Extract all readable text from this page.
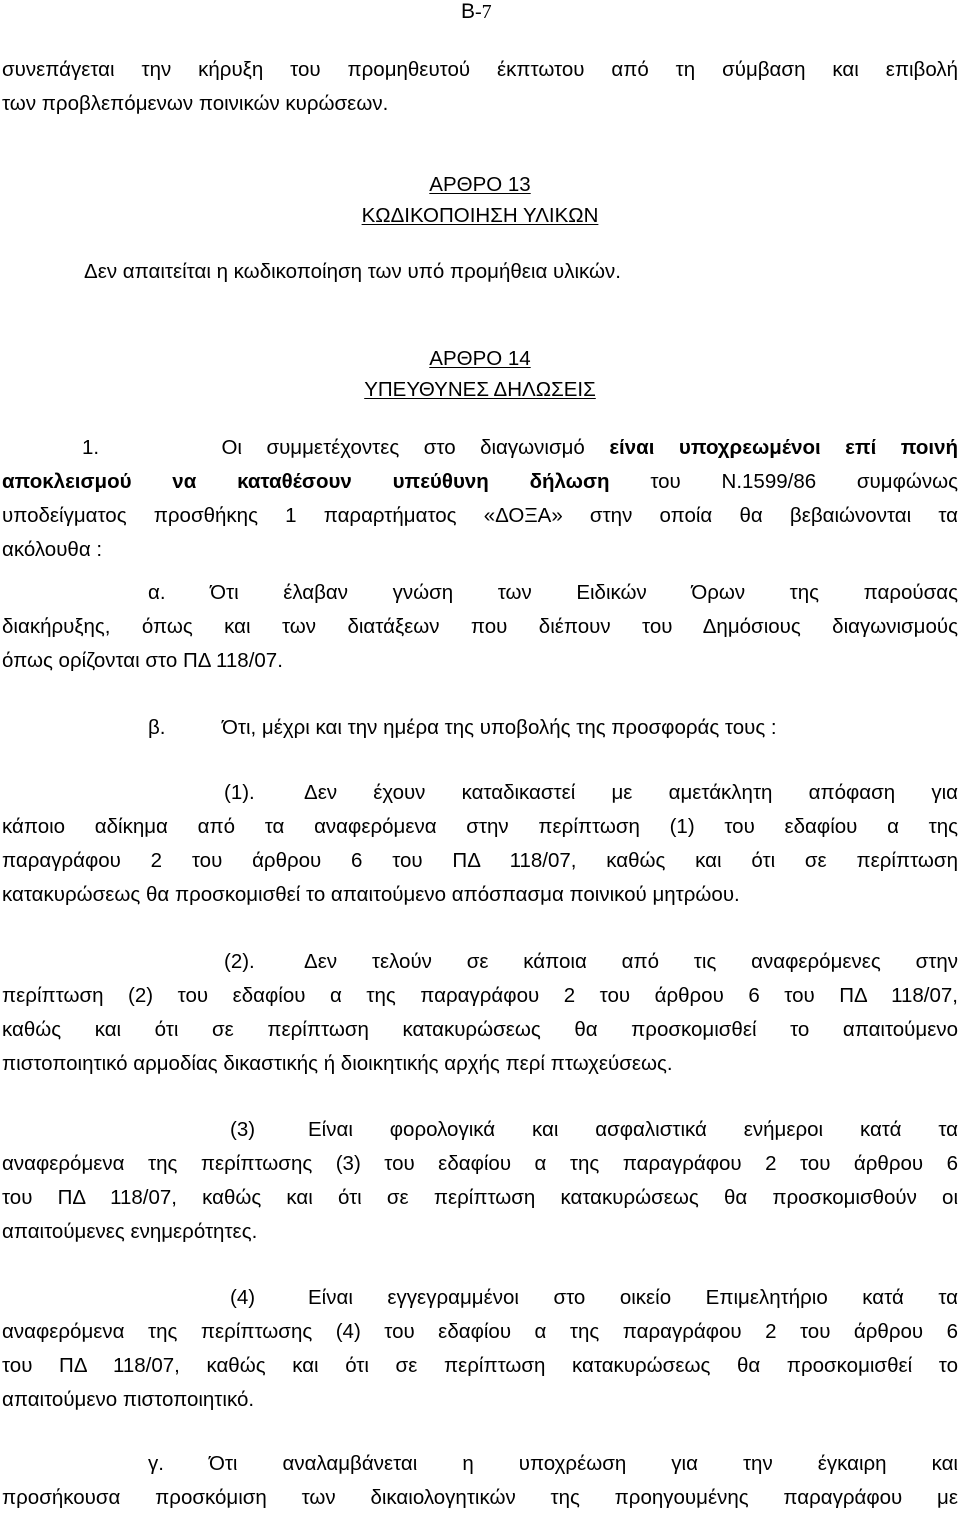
Β-7
συνεπάγεται την κήρυξη του προμηθευτού έκπτωτου από τη σύμβαση και επιβολή
των προβλεπόμενων ποινικών κυρώσεων.
ΑΡΘΡΟ 13
ΚΩΔΙΚΟΠΟΙΗΣΗ ΥΛΙΚΩΝ
Δεν απαιτείται η κωδικοποίηση των υπό προμήθεια υλικών.
ΑΡΘΡΟ 14
ΥΠΕΥΘΥΝΕΣ ΔΗΛΩΣΕΙΣ
1.	Οι συμμετέχοντες στο διαγωνισμό είναι υποχρεωμένοι επί ποινή
αποκλεισμού να καταθέσουν υπεύθυνη δήλωση του Ν.1599/86 συμφώνως
υποδείγματος προσθήκης 1 παραρτήματος «ΔΟΞΑ» στην οποία θα βεβαιώνονται τα
ακόλουθα :
α. Ότι έλαβαν γνώση των Ειδικών Όρων της παρούσας
διακήρυξης, όπως και των διατάξεων που διέπουν του Δημόσιους διαγωνισμούς
όπως ορίζονται στο ΠΔ 118/07.
β.	Ότι, μέχρι και την ημέρα της υποβολής της προσφοράς τους :
(1). Δεν έχουν καταδικαστεί με αμετάκλητη απόφαση για
κάποιο αδίκημα από τα αναφερόμενα στην περίπτωση (1) του εδαφίου α της
παραγράφου 2 του άρθρου 6 του ΠΔ 118/07, καθώς και ότι σε περίπτωση
κατακυρώσεως θα προσκομισθεί το απαιτούμενο απόσπασμα ποινικού μητρώου.
(2). Δεν τελούν σε κάποια από τις αναφερόμενες στην
περίπτωση (2) του εδαφίου α της παραγράφου 2 του άρθρου 6 του ΠΔ 118/07,
καθώς και ότι σε περίπτωση κατακυρώσεως θα προσκομισθεί το απαιτούμενο
πιστοποιητικό αρμοδίας δικαστικής ή διοικητικής αρχής περί πτωχεύσεως.
(3)	Είναι φορολογικά και ασφαλιστικά ενήμεροι κατά τα
αναφερόμενα της περίπτωσης (3) του εδαφίου α της παραγράφου 2 του άρθρου 6
του ΠΔ 118/07, καθώς και ότι σε περίπτωση κατακυρώσεως θα προσκομισθούν οι
απαιτούμενες ενημερότητες.
(4)	Είναι εγγεγραμμένοι στο οικείο Επιμελητήριο κατά τα
αναφερόμενα της περίπτωσης (4) του εδαφίου α της παραγράφου 2 του άρθρου 6
του ΠΔ 118/07, καθώς και ότι σε περίπτωση κατακυρώσεως θα προσκομισθεί το
απαιτούμενο πιστοποιητικό.
γ. Ότι αναλαμβάνεται η υποχρέωση για την έγκαιρη και
προσήκουσα προσκόμιση των δικαιολογητικών της προηγουμένης παραγράφου με
